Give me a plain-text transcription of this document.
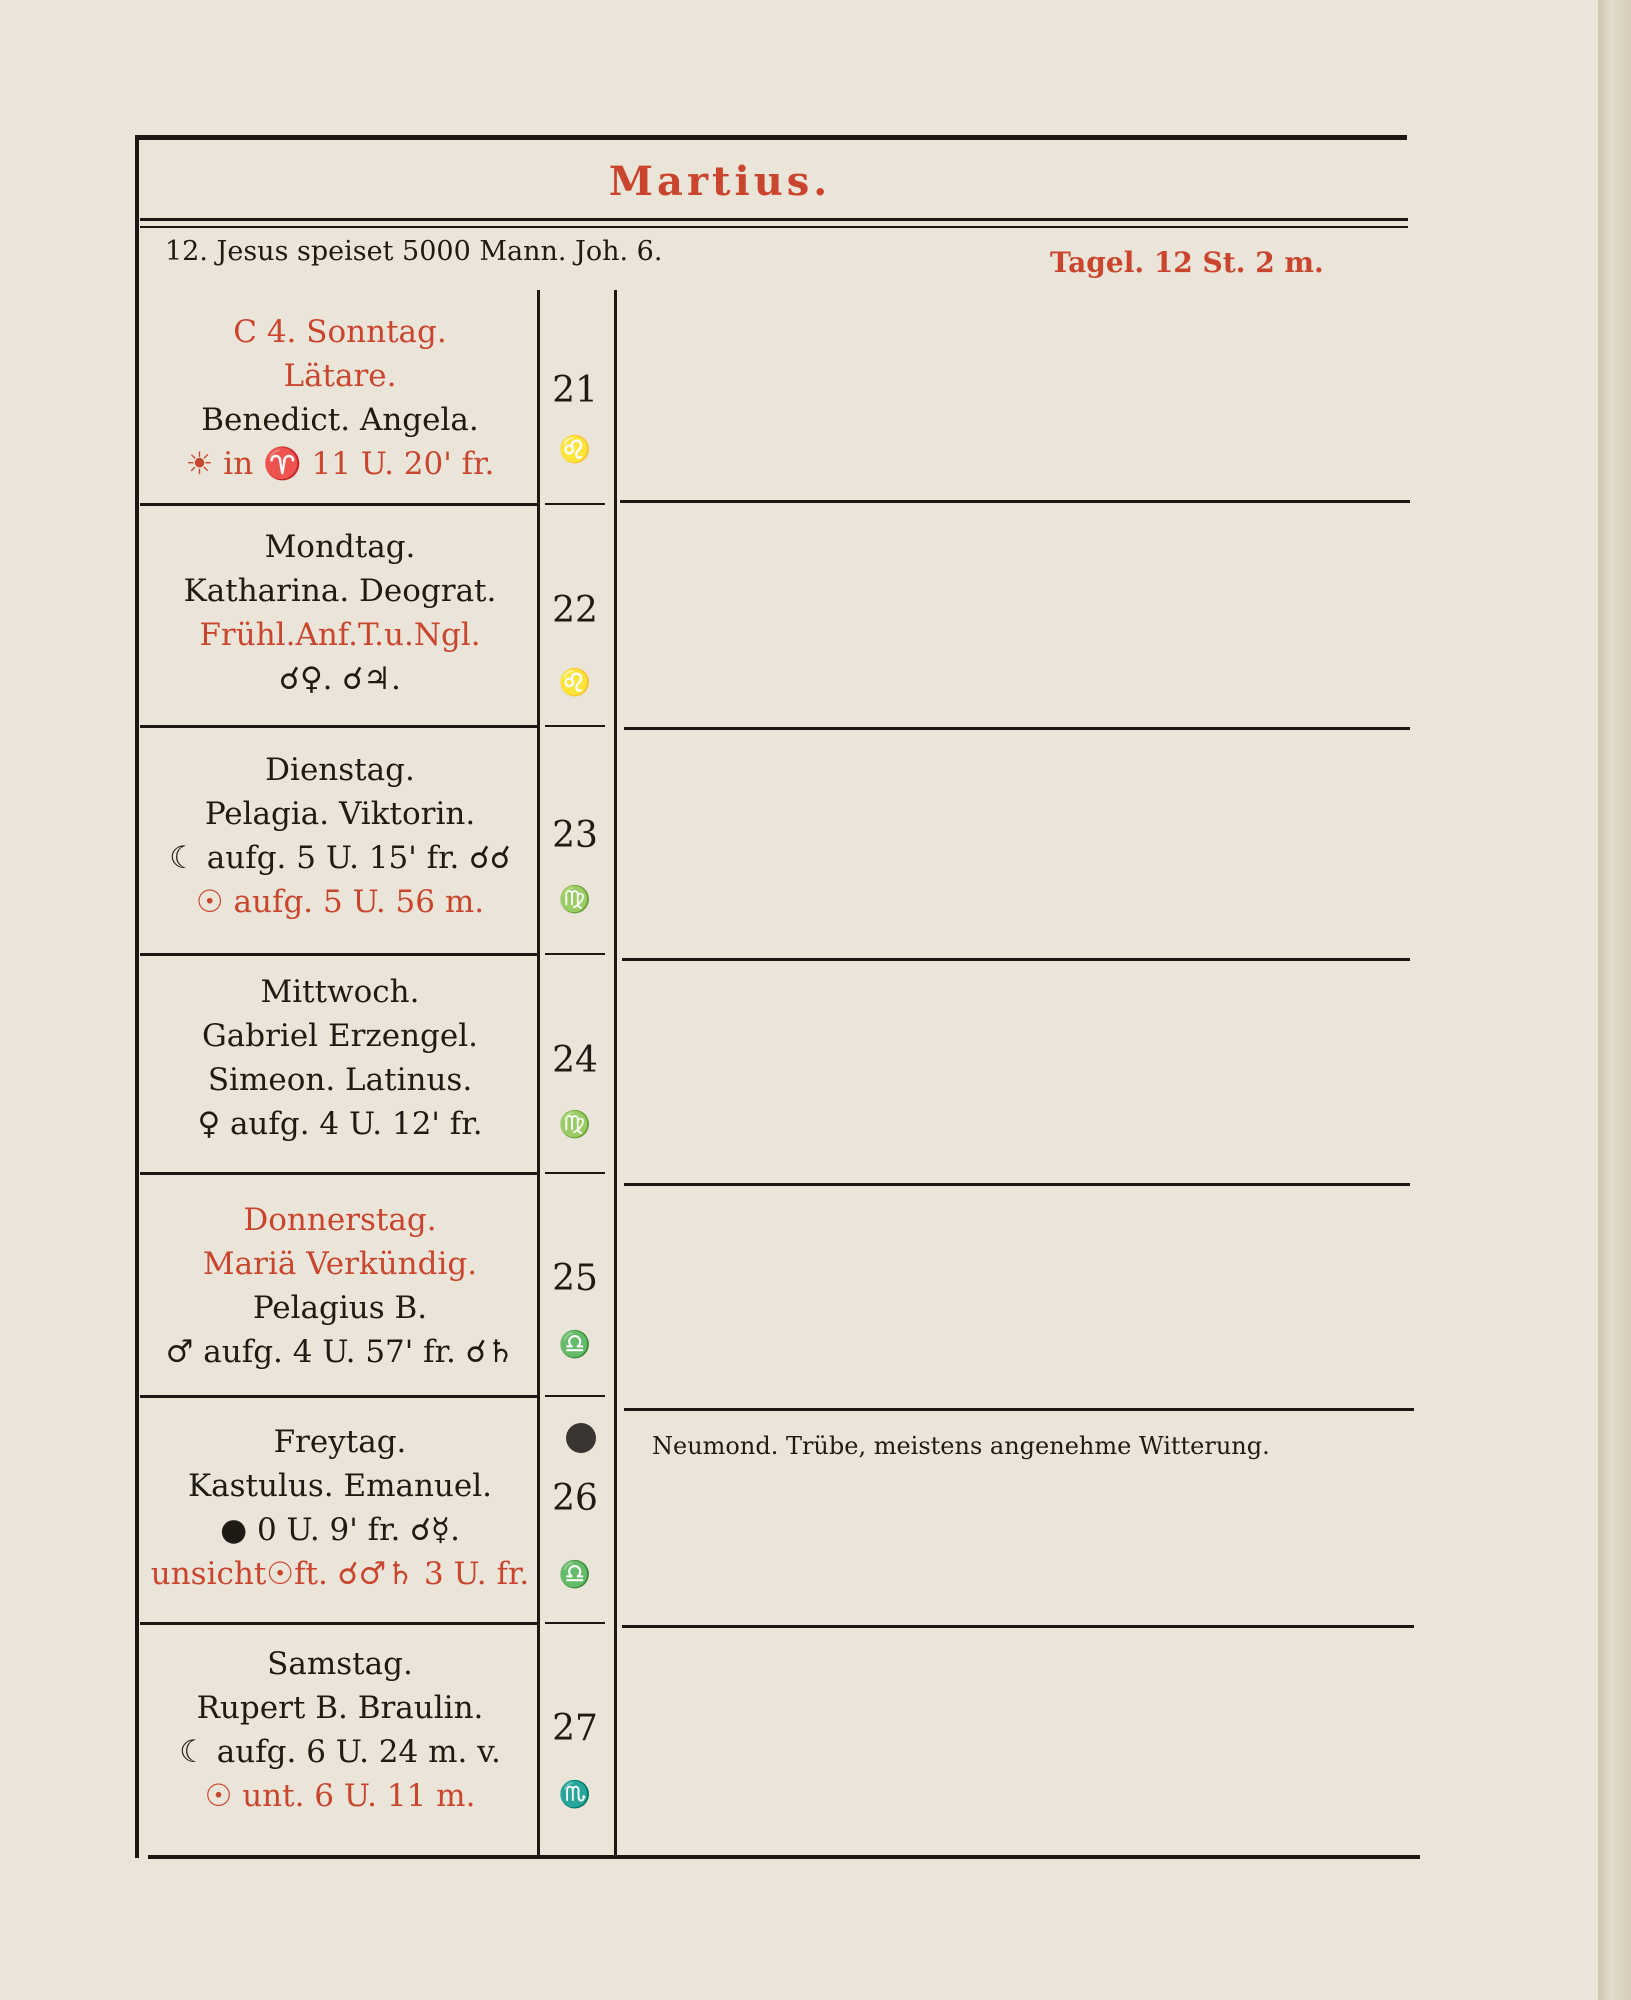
Martius.
12. Jesus speiset 5000 Mann. Joh. 6.	Tagel. 12 St. 2 m.
C 4. Sonntag.
Lätare.
Benedict. Angela.
☀ in ♈ 11 U. 20' fr.
21
♌
Mondtag.
Katharina. Deograt.
Frühl.Anf.T.u.Ngl.
☌♀. ☌♃.
22
♌
Dienstag.
Pelagia. Viktorin.
☾ aufg. 5 U. 15' fr. ☌☌
☉ aufg. 5 U. 56 m.
23
♍
Mittwoch.
Gabriel Erzengel.
Simeon. Latinus.
♀ aufg. 4 U. 12' fr.
24
♍
Donnerstag.
Mariä Verkündig.
Pelagius B.
♂ aufg. 4 U. 57' fr. ☌♄
25
♎
Freytag.
Kastulus. Emanuel.
● 0 U. 9' fr. ☌☿.
unsicht☉ft. ☌♂♄ 3 U. fr.
26
♎
Samstag.
Rupert B. Braulin.
☾ aufg. 6 U. 24 m. v.
☉ unt. 6 U. 11 m.
27
♏
Neumond. Trübe, meistens angenehme Witterung.
